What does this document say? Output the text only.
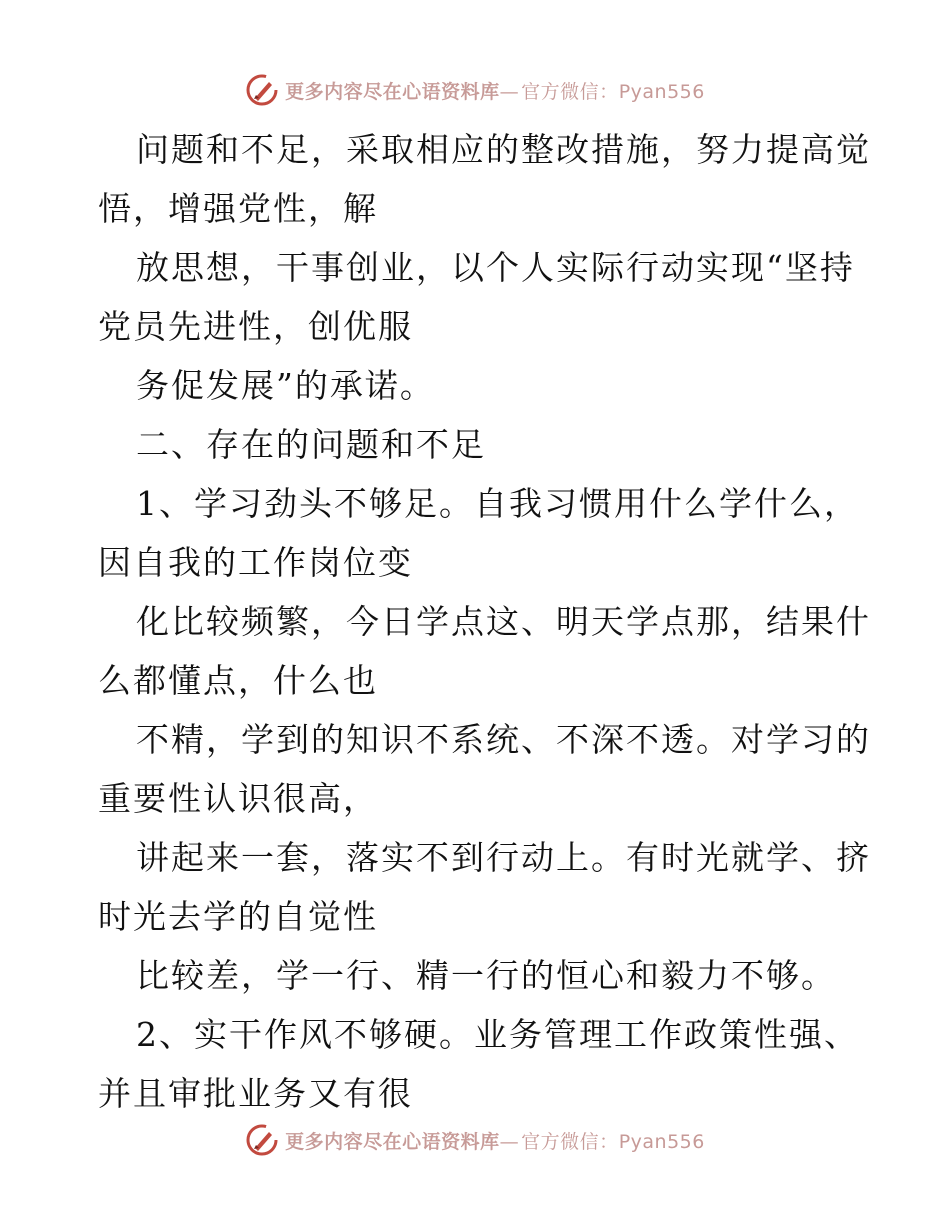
更多内容尽在心语资料库— 官方微信：Pyan556
问题和不足，采取相应的整改措施，努力提高觉
悟，增强党性，解
放思想，干事创业，以个人实际行动实现“坚持
党员先进性，创优服
务促发展”的承诺。
二、存在的问题和不足
1、学习劲头不够足。自我习惯用什么学什么，
因自我的工作岗位变
化比较频繁，今日学点这、明天学点那，结果什
么都懂点，什么也
不精，学到的知识不系统、不深不透。对学习的
重要性认识很高，
讲起来一套，落实不到行动上。有时光就学、挤
时光去学的自觉性
比较差，学一行、精一行的恒心和毅力不够。
2、实干作风不够硬。业务管理工作政策性强、
并且审批业务又有很
更多内容尽在心语资料库— 官方微信：Pyan556
